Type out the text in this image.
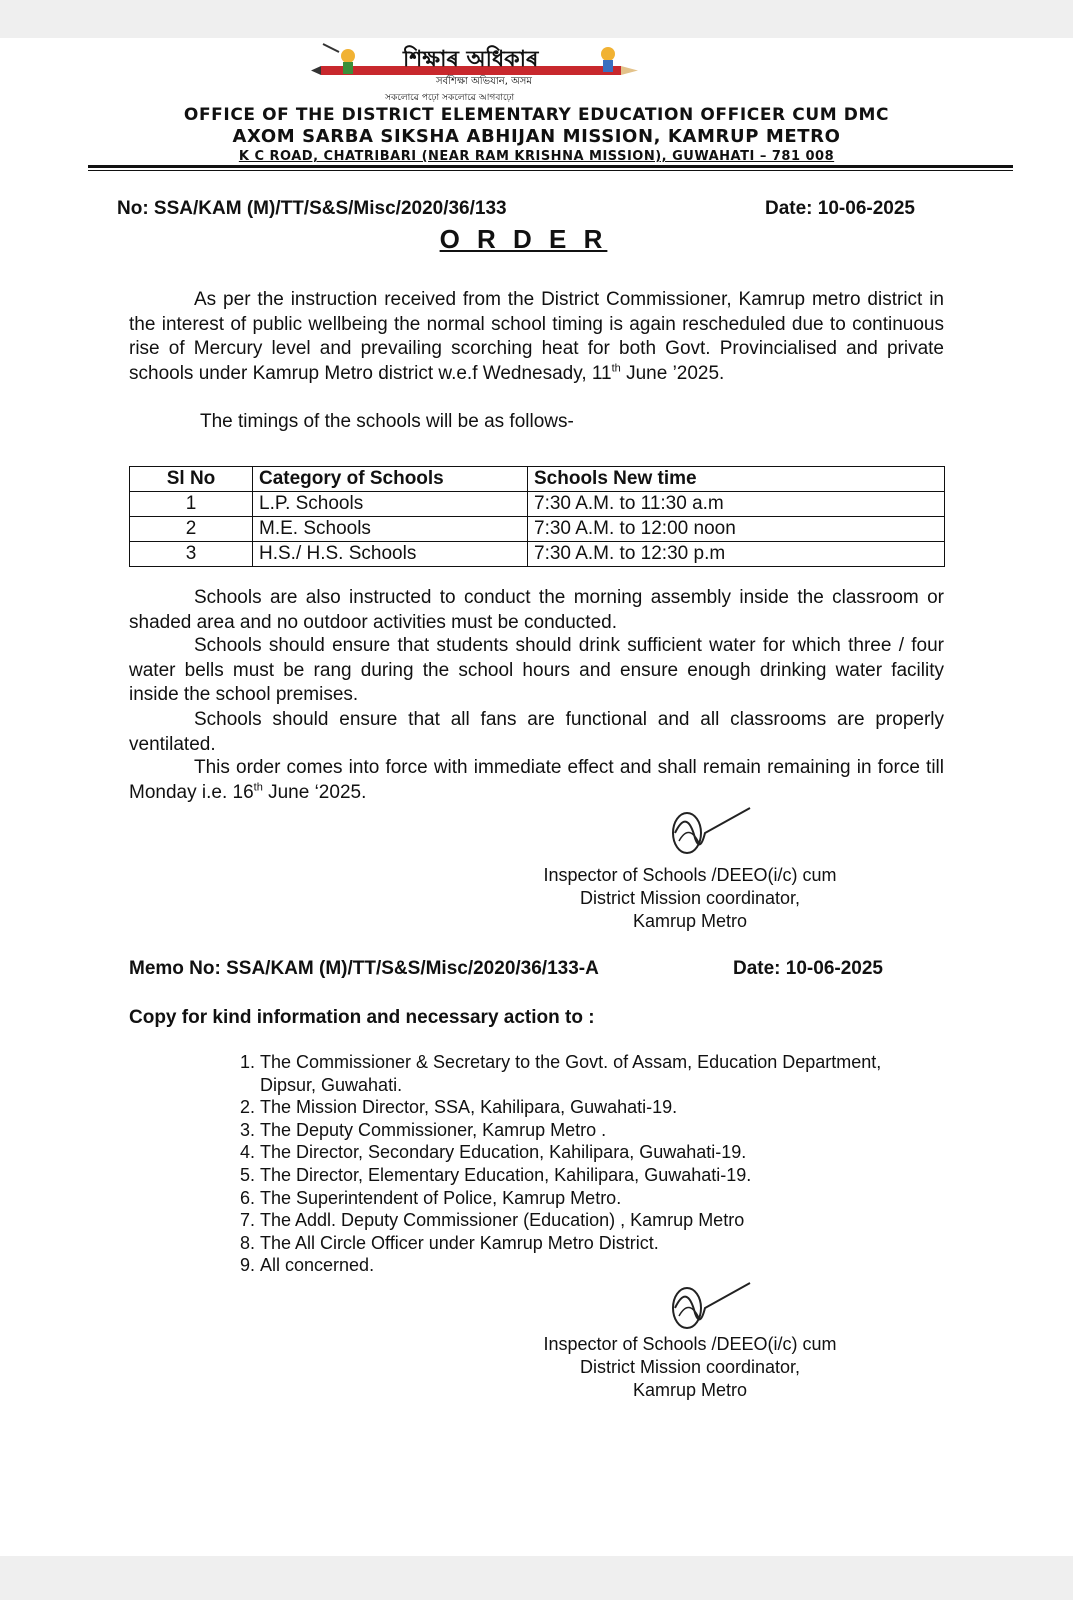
শিক্ষাৰ অধিকাৰ
সৰ্বশিক্ষা অভিযান, অসম
সকলোৱে পঢ়ো সকলোৱে আগবাঢ়ো
OFFICE OF THE DISTRICT ELEMENTARY EDUCATION OFFICER CUM DMC
AXOM SARBA SIKSHA ABHIJAN MISSION, KAMRUP METRO
K C ROAD, CHATRIBARI (NEAR RAM KRISHNA MISSION), GUWAHATI – 781 008
No: SSA/KAM (M)/TT/S&S/Misc/2020/36/133	Date: 10-06-2025
O R D E R
As per the instruction received from the District Commissioner, Kamrup metro district in the interest of public wellbeing the normal school timing is again rescheduled due to continuous rise of Mercury level and prevailing scorching heat for both Govt. Provincialised and private schools under Kamrup Metro district w.e.f Wednesady, 11th June ’2025.
The timings of the schools will be as follows-
Sl No	Category of Schools	Schools New time
1	L.P. Schools	7:30 A.M. to 11:30 a.m
2	M.E. Schools	7:30 A.M. to 12:00 noon
3	H.S./ H.S. Schools	7:30 A.M. to 12:30 p.m
Schools are also instructed to conduct the morning assembly inside the classroom or shaded area and no outdoor activities must be conducted.
Schools should ensure that students should drink sufficient water for which three / four water bells must be rang during the school hours and ensure enough drinking water facility inside the school premises.
Schools should ensure that all fans are functional and all classrooms are properly ventilated.
This order comes into force with immediate effect and shall remain remaining in force till Monday i.e. 16th June ‘2025.
Inspector of Schools /DEEO(i/c) cum
District Mission coordinator,
Kamrup Metro
Memo No: SSA/KAM (M)/TT/S&S/Misc/2020/36/133-A	Date: 10-06-2025
Copy for kind information and necessary action to :
1. The Commissioner & Secretary to the Govt. of Assam, Education Department, Dipsur, Guwahati.
2. The Mission Director, SSA, Kahilipara, Guwahati-19.
3. The Deputy Commissioner, Kamrup Metro .
4. The Director, Secondary Education, Kahilipara, Guwahati-19.
5. The Director, Elementary Education, Kahilipara, Guwahati-19.
6. The Superintendent of Police, Kamrup Metro.
7. The Addl. Deputy Commissioner (Education) , Kamrup Metro
8. The All Circle Officer under Kamrup Metro District.
9. All concerned.
Inspector of Schools /DEEO(i/c) cum
District Mission coordinator,
Kamrup Metro
